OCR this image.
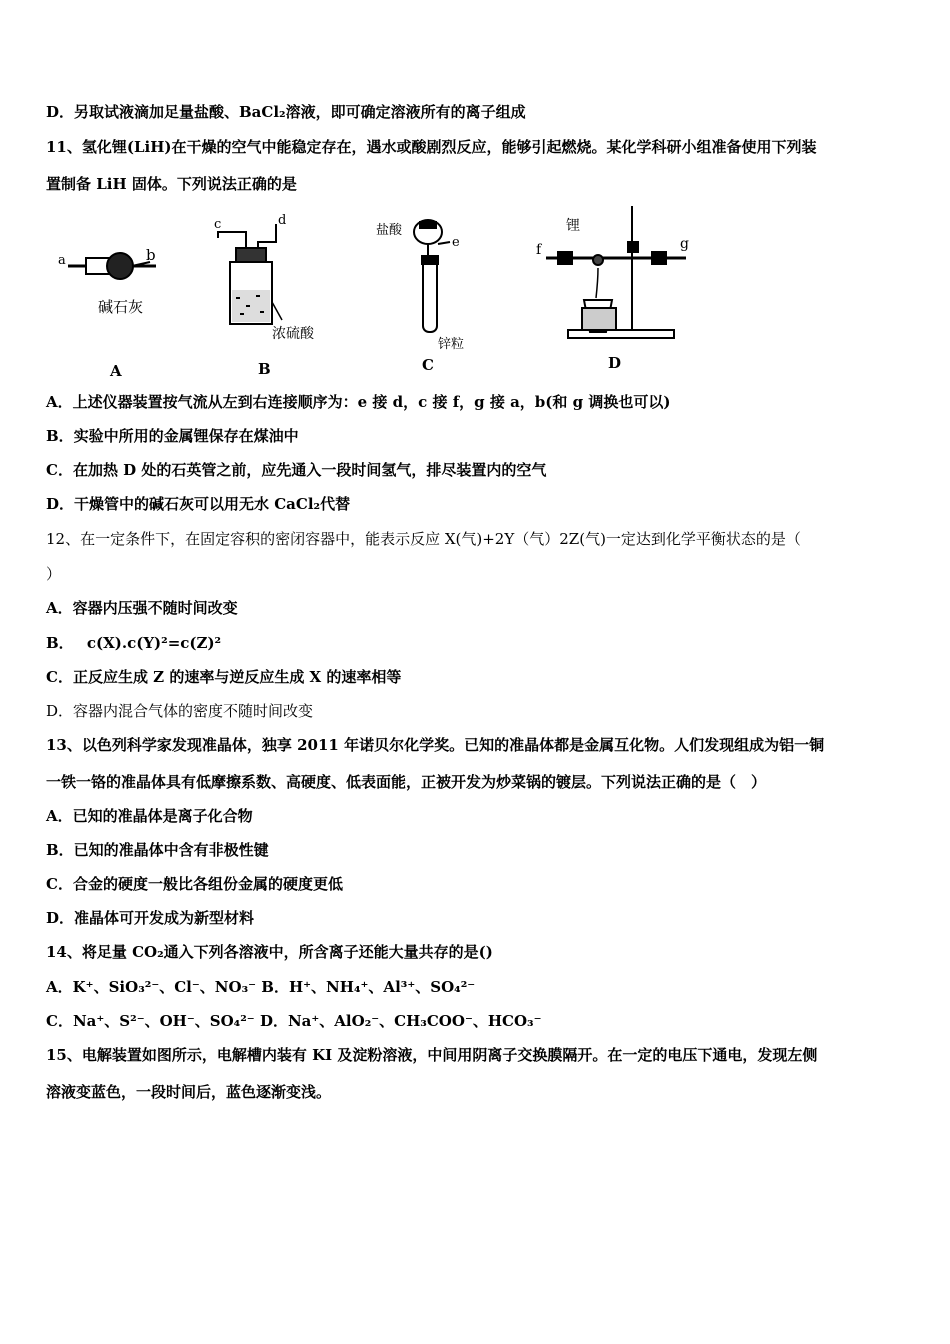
D．另取试液滴加足量盐酸、BaCl₂溶液，即可确定溶液所有的离子组成
11、氢化锂(LiH)在干燥的空气中能稳定存在，遇水或酸剧烈反应，能够引起燃烧。某化学科研小组准备使用下列装
置制备 LiH 固体。下列说法正确的是
a	b
碱石灰
A
c	d
浓硫酸
B
盐酸
e
锌粒
C
锂
f	g
D
A．上述仪器装置按气流从左到右连接顺序为：e 接 d，c 接 f，g 接 a，b(和 g 调换也可以)
B．实验中所用的金属锂保存在煤油中
C．在加热 D 处的石英管之前，应先通入一段时间氢气，排尽装置内的空气
D．干燥管中的碱石灰可以用无水 CaCl₂代替
12、在一定条件下，在固定容积的密闭容器中，能表示反应 X(气)+2Y（气）2Z(气)一定达到化学平衡状态的是（
）
A．容器内压强不随时间改变
B． c(X).c(Y)²=c(Z)²
C．正反应生成 Z 的速率与逆反应生成 X 的速率相等
D．容器内混合气体的密度不随时间改变
13、以色列科学家发现准晶体，独享 2011 年诺贝尔化学奖。已知的准晶体都是金属互化物。人们发现组成为铝一铜
一铁一铬的准晶体具有低摩擦系数、高硬度、低表面能，正被开发为炒菜锅的镀层。下列说法正确的是（　）
A．已知的准晶体是离子化合物
B．已知的准晶体中含有非极性键
C．合金的硬度一般比各组份金属的硬度更低
D．准晶体可开发成为新型材料
14、将足量 CO₂通入下列各溶液中，所含离子还能大量共存的是()
A．K⁺、SiO₃²⁻、Cl⁻、NO₃⁻ B．H⁺、NH₄⁺、Al³⁺、SO₄²⁻
C．Na⁺、S²⁻、OH⁻、SO₄²⁻ D．Na⁺、AlO₂⁻、CH₃COO⁻、HCO₃⁻
15、电解装置如图所示，电解槽内装有 KI 及淀粉溶液，中间用阴离子交换膜隔开。在一定的电压下通电，发现左侧
溶液变蓝色，一段时间后，蓝色逐渐变浅。
